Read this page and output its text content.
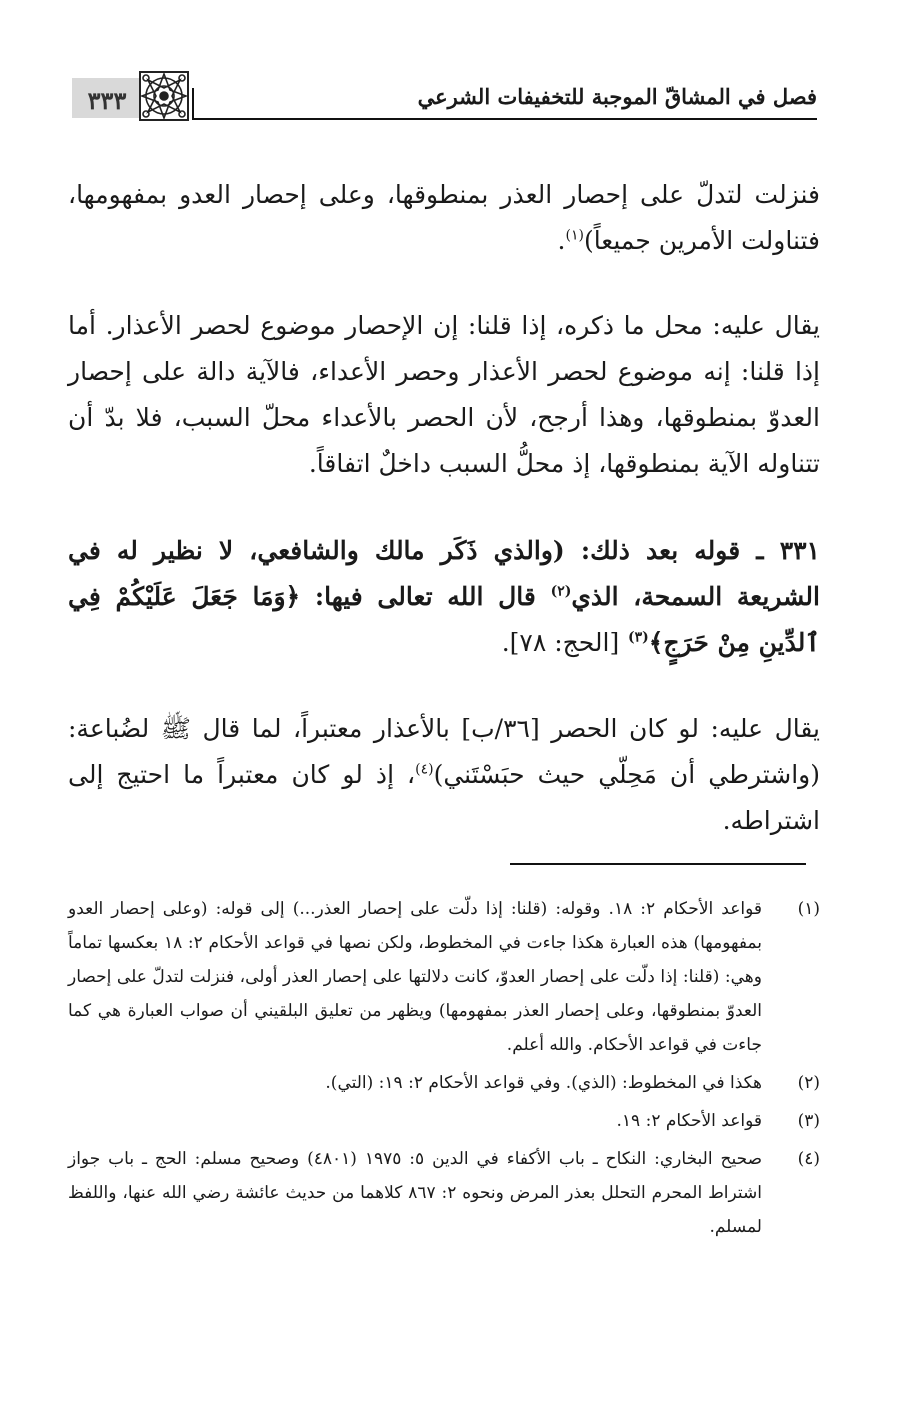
٣٣٣	فصل في المشاقّ الموجبة للتخفيفات الشرعي

فنزلت لتدلّ على إحصار العذر بمنطوقها، وعلى إحصار العدو بمفهومها، فتناولت الأمرين جميعاً)$^{(١)}$.

يقال عليه: محل ما ذكره، إذا قلنا: إن الإحصار موضوع لحصر الأعذار. أما إذا قلنا: إنه موضوع لحصر الأعذار وحصر الأعداء، فالآية دالة على إحصار العدوّ بمنطوقها، وهذا أرجح، لأن الحصر بالأعداء محلّ السبب، فلا بدّ أن تتناوله الآية بمنطوقها، إذ محلُّ السبب داخلٌ اتفاقاً.

٣٣١ ـ قوله بعد ذلك: (والذي ذَكَر مالك والشافعي، لا نظير له في الشريعة السمحة، الذي$^{(٢)}$ قال الله تعالى فيها: ﴿وَمَا جَعَلَ عَلَيْكُمْ فِي ٱلدِّينِ مِنْ حَرَجٍ﴾$^{(٣)}$ [الحج: ٧٨].

يقال عليه: لو كان الحصر [٣٦/ب] بالأعذار معتبراً، لما قال ﷺ لضُباعة: (واشترطي أن مَحِلّي حيث حبَسْتَني)$^{(٤)}$، إذ لو كان معتبراً ما احتيج إلى اشتراطه.

(١)
قواعد الأحكام ٢: ١٨. وقوله: (قلنا: إذا دلّت على إحصار العذر...) إلى قوله: (وعلى إحصار العدو بمفهومها) هذه العبارة هكذا جاءت في المخطوط، ولكن نصها في قواعد الأحكام ٢: ١٨ بعكسها تماماً وهي: (قلنا: إذا دلّت على إحصار العدوّ، كانت دلالتها على إحصار العذر أولى، فنزلت لتدلّ على إحصار العدوّ بمنطوقها، وعلى إحصار العذر بمفهومها) ويظهر من تعليق البلقيني أن صواب العبارة هي كما جاءت في قواعد الأحكام. والله أعلم.
(٢)
هكذا في المخطوط: (الذي). وفي قواعد الأحكام ٢: ١٩: (التي).
(٣)
قواعد الأحكام ٢: ١٩.
(٤)
صحيح البخاري: النكاح ـ باب الأكفاء في الدين ٥: ١٩٧٥ (٤٨٠١) وصحيح مسلم: الحج ـ باب جواز اشتراط المحرم التحلل بعذر المرض ونحوه ٢: ٨٦٧ كلاهما من حديث عائشة رضي الله عنها، واللفظ لمسلم.
